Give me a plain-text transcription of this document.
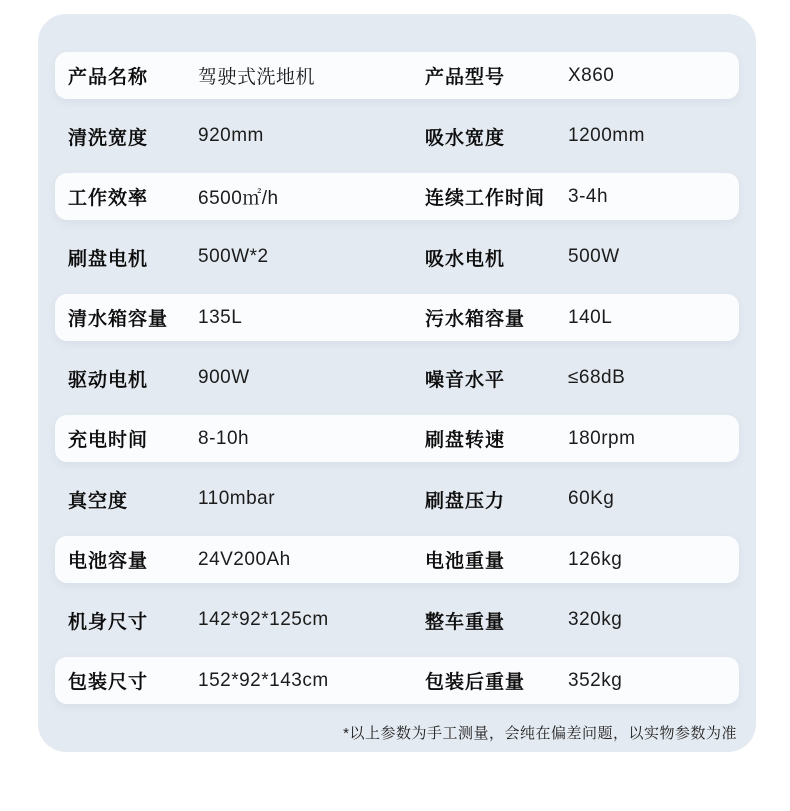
产品名称	驾驶式洗地机	产品型号	X860
清洗宽度	920mm	吸水宽度	1200mm
工作效率	6500㎡/h	连续工作时间	3-4h
刷盘电机	500W*2	吸水电机	500W
清水箱容量	135L	污水箱容量	140L
驱动电机	900W	噪音水平	≤68dB
充电时间	8-10h	刷盘转速	180rpm
真空度	110mbar	刷盘压力	60Kg
电池容量	24V200Ah	电池重量	126kg
机身尺寸	142*92*125cm	整车重量	320kg
包装尺寸	152*92*143cm	包装后重量	352kg
*以上参数为手工测量，会纯在偏差问题，以实物参数为准
